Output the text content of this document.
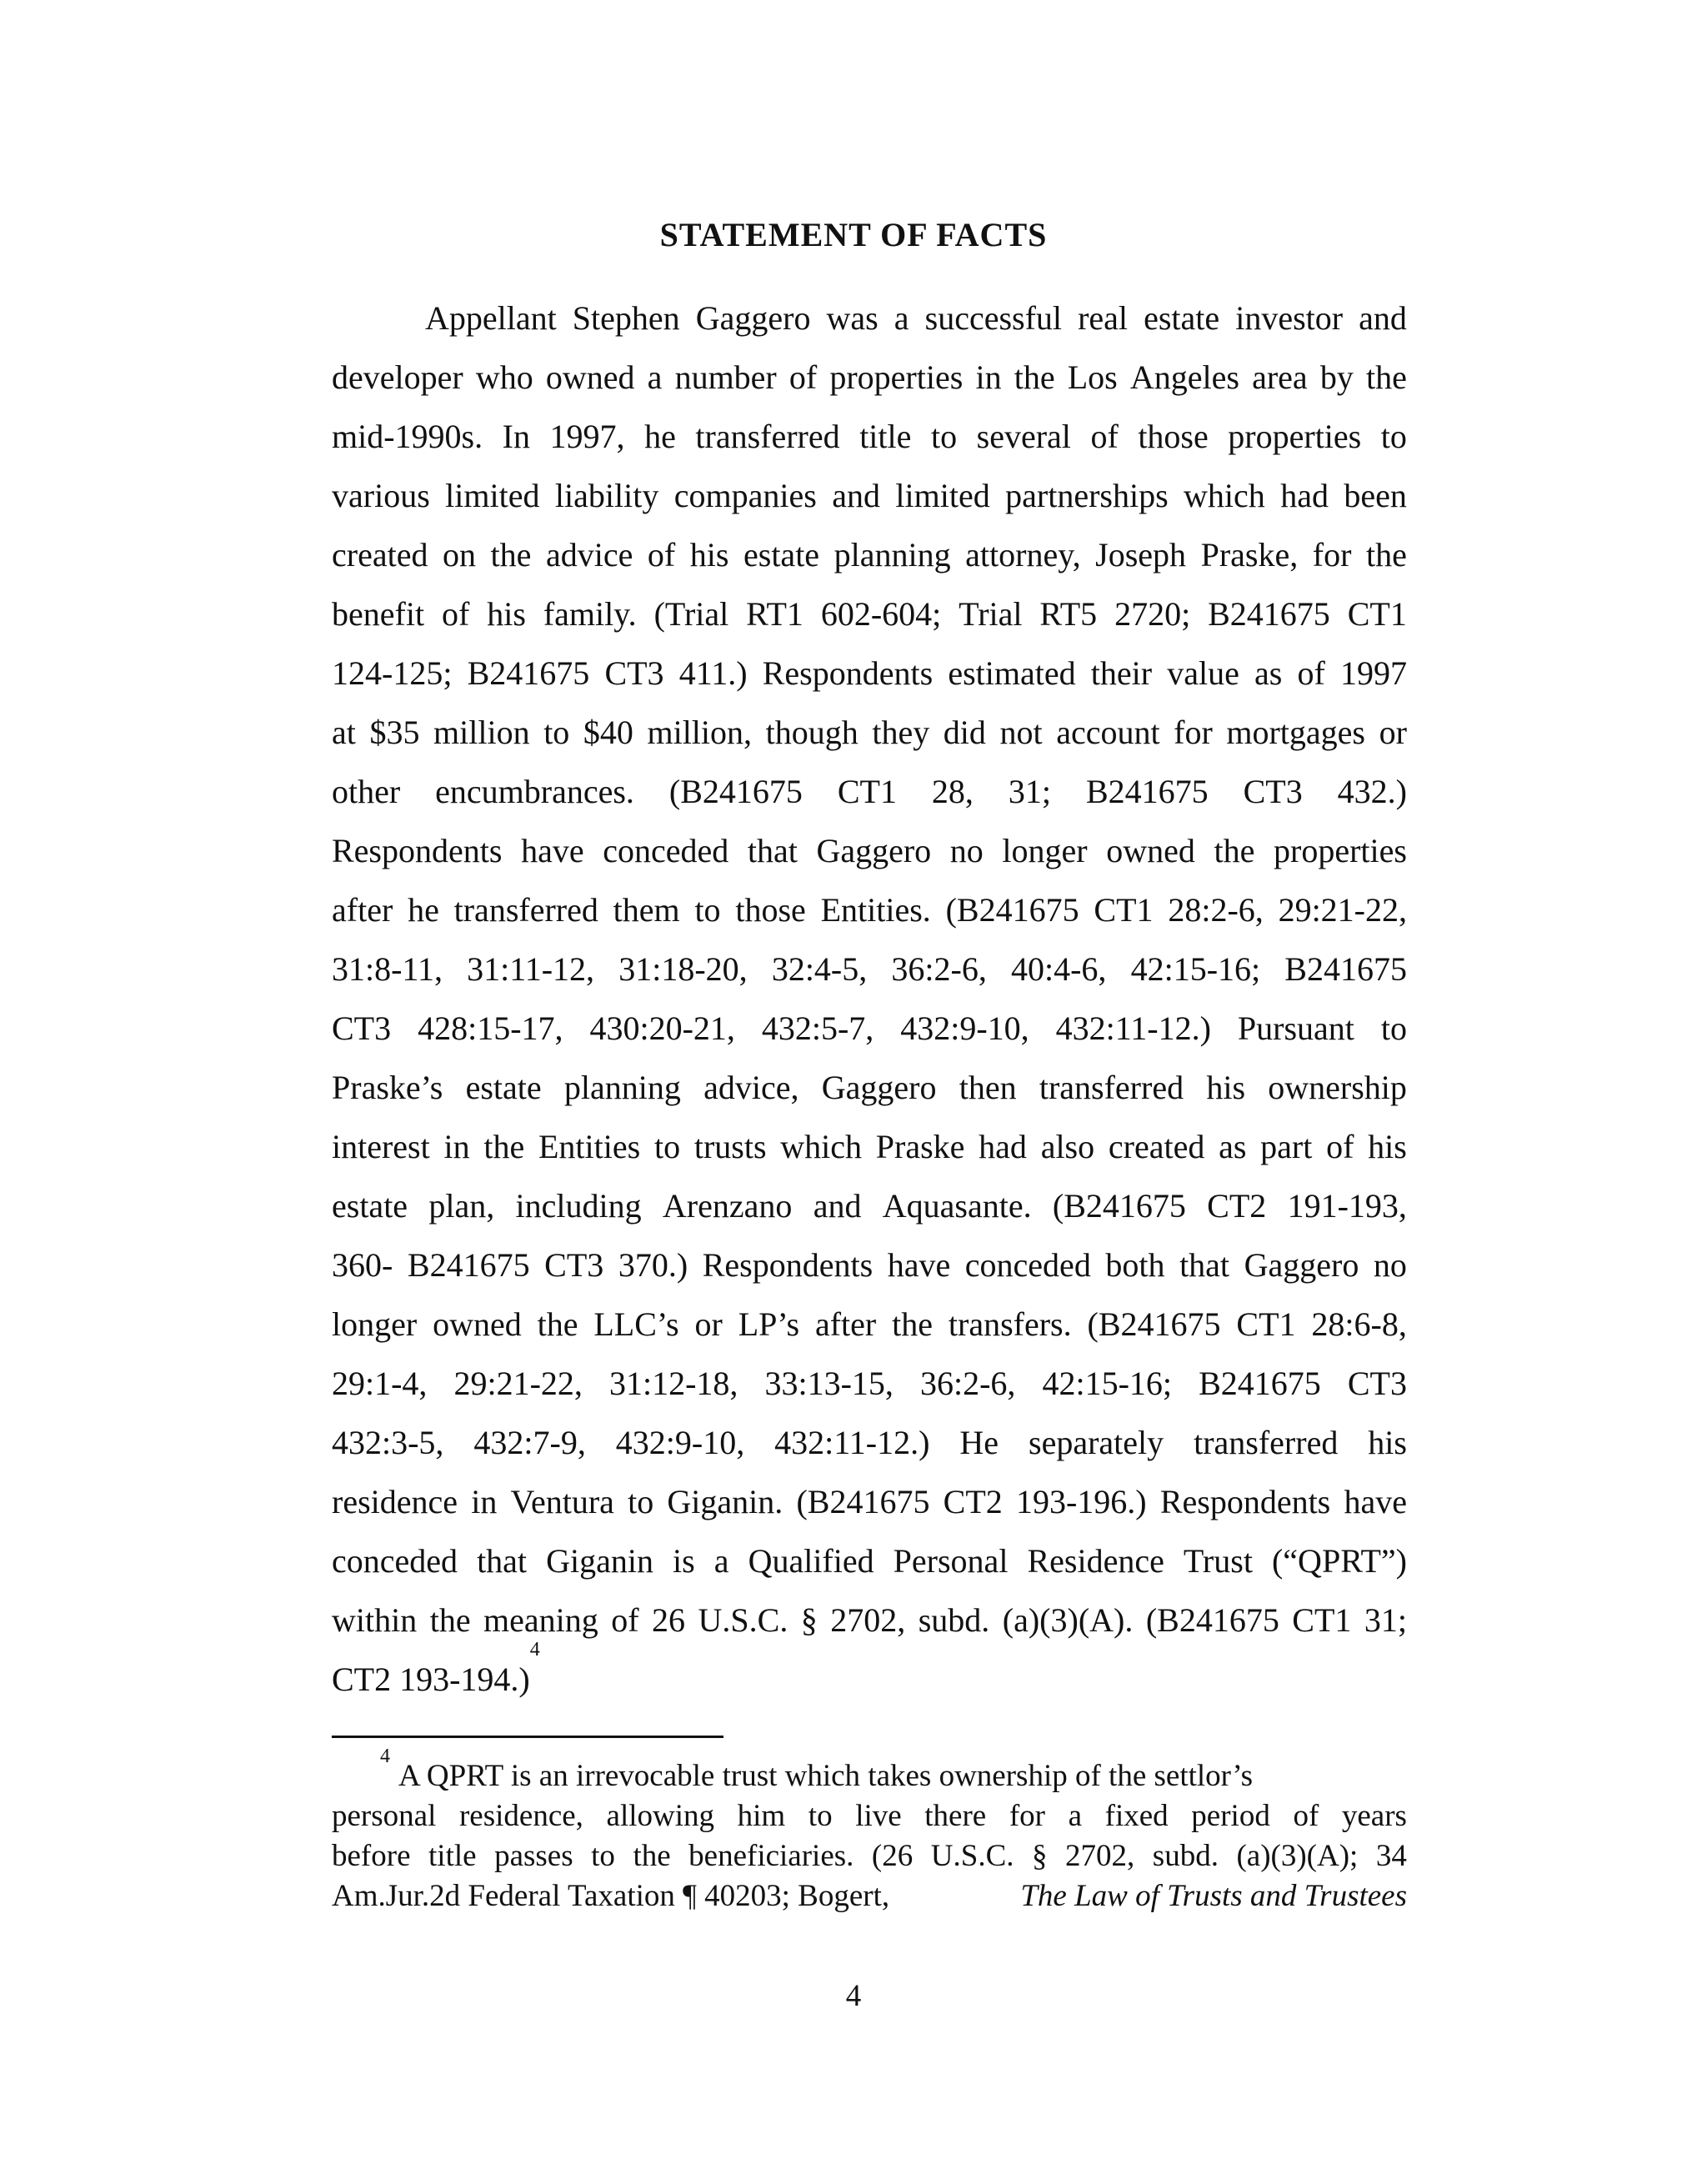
STATEMENT OF FACTS
Appellant Stephen Gaggero was a successful real estate investor and
developer who owned a number of properties in the Los Angeles area by the
mid-1990s. In 1997, he transferred title to several of those properties to
various limited liability companies and limited partnerships which had been
created on the advice of his estate planning attorney, Joseph Praske, for the
benefit of his family. (Trial RT1 602-604; Trial RT5 2720; B241675 CT1
124-125; B241675 CT3 411.) Respondents estimated their value as of 1997
at $35 million to $40 million, though they did not account for mortgages or
other encumbrances. (B241675 CT1 28, 31; B241675 CT3 432.)
Respondents have conceded that Gaggero no longer owned the properties
after he transferred them to those Entities. (B241675 CT1 28:2-6, 29:21-22,
31:8-11, 31:11-12, 31:18-20, 32:4-5, 36:2-6, 40:4-6, 42:15-16; B241675
CT3 428:15-17, 430:20-21, 432:5-7, 432:9-10, 432:11-12.) Pursuant to
Praske’s estate planning advice, Gaggero then transferred his ownership
interest in the Entities to trusts which Praske had also created as part of his
estate plan, including Arenzano and Aquasante. (B241675 CT2 191-193,
360- B241675 CT3 370.) Respondents have conceded both that Gaggero no
longer owned the LLC’s or LP’s after the transfers. (B241675 CT1 28:6-8,
29:1-4, 29:21-22, 31:12-18, 33:13-15, 36:2-6, 42:15-16; B241675 CT3
432:3-5, 432:7-9, 432:9-10, 432:11-12.) He separately transferred his
residence in Ventura to Giganin. (B241675 CT2 193-196.) Respondents have
conceded that Giganin is a Qualified Personal Residence Trust (“QPRT”)
within the meaning of 26 U.S.C. § 2702, subd. (a)(3)(A). (B241675 CT1 31;
CT2 193-194.)
4
4
A QPRT is an irrevocable trust which takes ownership of the settlor’s
personal residence, allowing him to live there for a fixed period of years
before title passes to the beneficiaries. (26 U.S.C. § 2702, subd. (a)(3)(A); 34
Am.Jur.2d Federal Taxation ¶ 40203; Bogert,	The Law of Trusts and Trustees
4
